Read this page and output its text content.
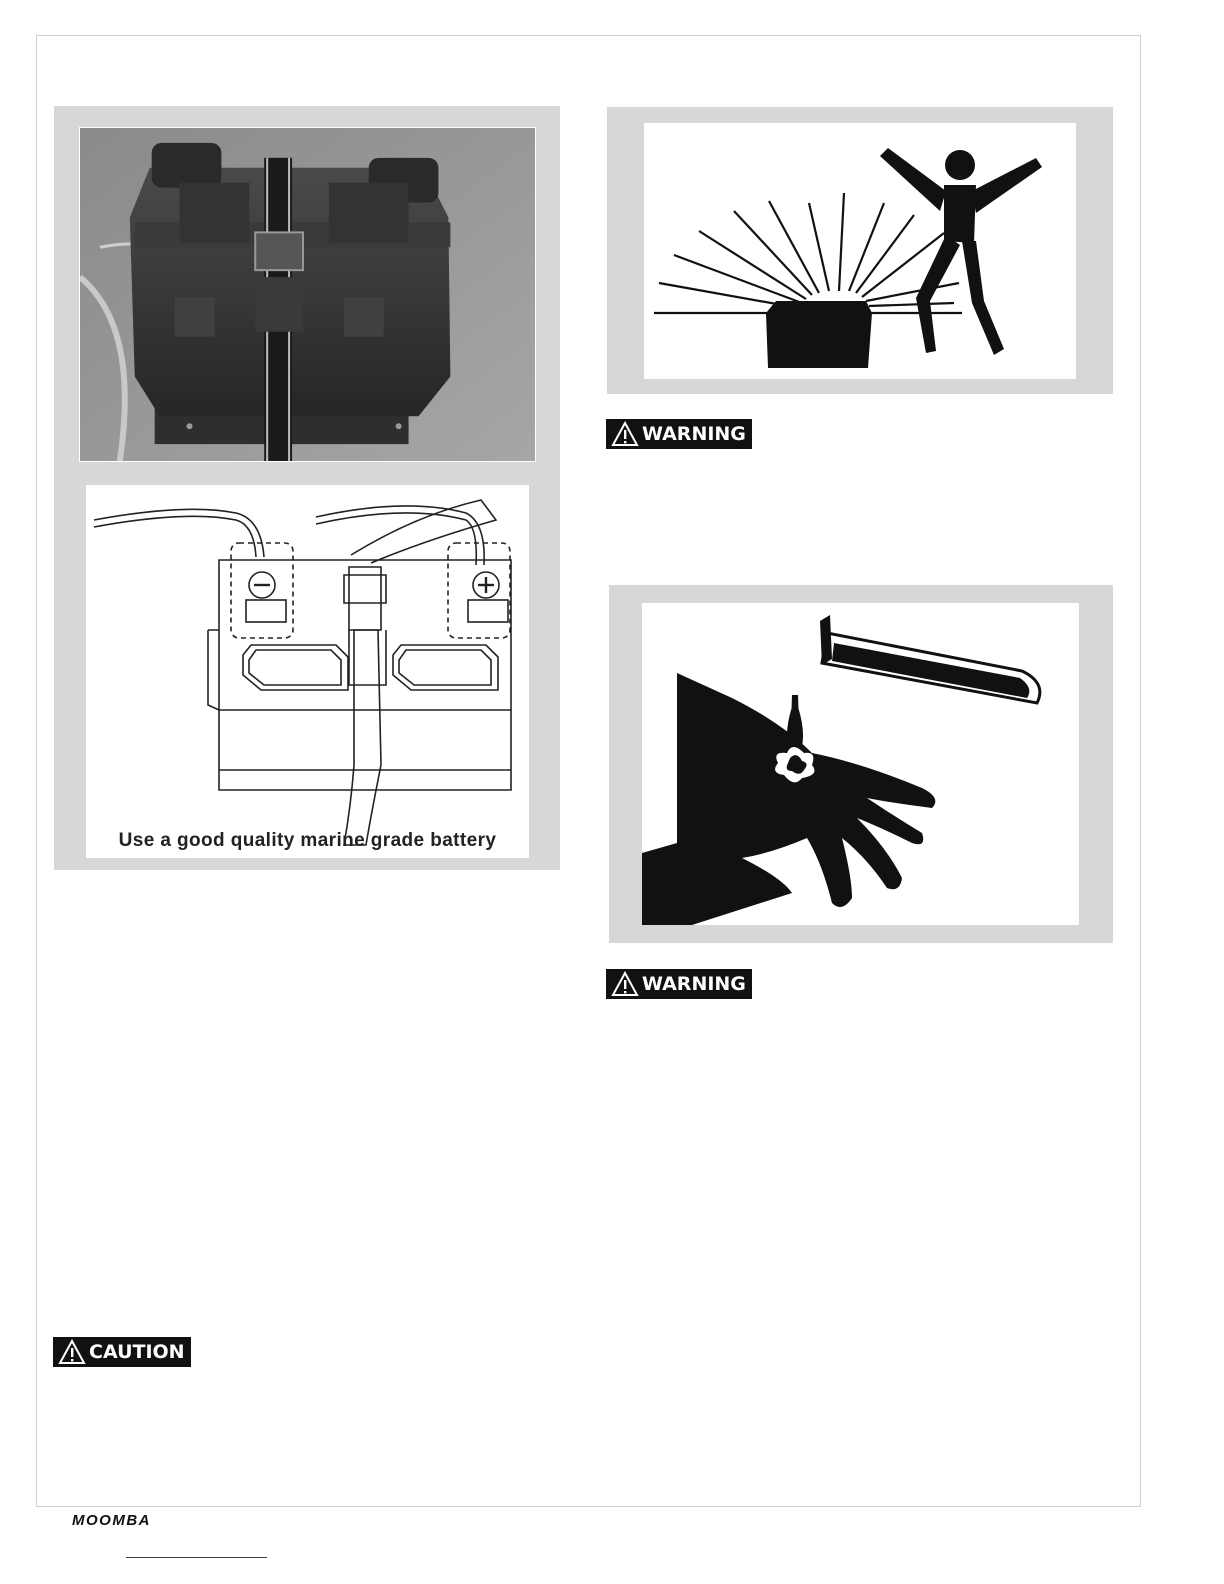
Use a good quality marine grade battery
WARNING
WARNING
CAUTION
MOOMBA
